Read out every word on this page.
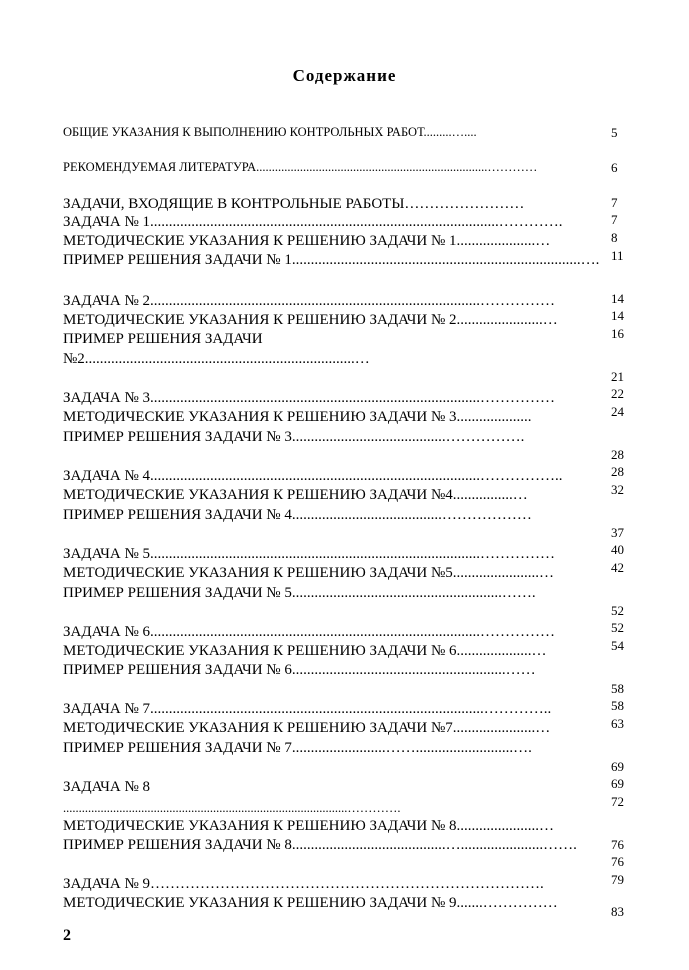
Содержание
ОБЩИЕ УКАЗАНИЯ К ВЫПОЛНЕНИЮ КОНТРОЛЬНЫХ РАБОТ.........…....
РЕКОМЕНДУЕМАЯ ЛИТЕРАТУРА..........................................................................…………
ЗАДАЧИ, ВХОДЯЩИЕ В КОНТРОЛЬНЫЕ РАБОТЫ……………………
ЗАДАЧА № 1.............................................................................................………….
МЕТОДИЧЕСКИЕ УКАЗАНИЯ К РЕШЕНИЮ ЗАДАЧИ № 1.....................…
ПРИМЕР РЕШЕНИЯ ЗАДАЧИ № 1.............................................................................….
ЗАДАЧА № 2........................................................................................……………
МЕТОДИЧЕСКИЕ УКАЗАНИЯ К РЕШЕНИЮ ЗАДАЧИ № 2.......................…
ПРИМЕР РЕШЕНИЯ ЗАДАЧИ
№2........................................................................…
ЗАДАЧА № 3........................................................................................……………
МЕТОДИЧЕСКИЕ УКАЗАНИЯ К РЕШЕНИЮ ЗАДАЧИ № 3....................
ПРИМЕР РЕШЕНИЯ ЗАДАЧИ № 3.........................................…………….
ЗАДАЧА № 4........................................................................................……………..
МЕТОДИЧЕСКИЕ УКАЗАНИЯ К РЕШЕНИЮ ЗАДАЧИ №4................…
ПРИМЕР РЕШЕНИЯ ЗАДАЧИ № 4........................................………………
ЗАДАЧА № 5........................................................................................……………
МЕТОДИЧЕСКИЕ УКАЗАНИЯ К РЕШЕНИЮ ЗАДАЧИ №5.......................…
ПРИМЕР РЕШЕНИЯ ЗАДАЧИ № 5........................................................…….
ЗАДАЧА № 6........................................................................................……………
МЕТОДИЧЕСКИЕ УКАЗАНИЯ К РЕШЕНИЮ ЗАДАЧИ № 6....................…
ПРИМЕР РЕШЕНИЯ ЗАДАЧИ № 6.........................................................……
ЗАДАЧА № 7.........................................................................................…………..
МЕТОДИЧЕСКИЕ УКАЗАНИЯ К РЕШЕНИЮ ЗАДАЧИ №7......................…
ПРИМЕР РЕШЕНИЯ ЗАДАЧИ № 7.........................……..........................….
ЗАДАЧА № 8
...........................................................................................………….
МЕТОДИЧЕСКИЕ УКАЗАНИЯ К РЕШЕНИЮ ЗАДАЧИ № 8......................…
ПРИМЕР РЕШЕНИЯ ЗАДАЧИ № 8.........................................…......................…….
ЗАДАЧА № 9…………………………………………………………………….
МЕТОДИЧЕСКИЕ УКАЗАНИЯ К РЕШЕНИЮ ЗАДАЧИ № 9.......……………
5
6
7
7
8
11
14
14
16
21
22
24
28
28
32
37
40
42
52
52
54
58
58
63
69
69
72
76
76
79
83
2
